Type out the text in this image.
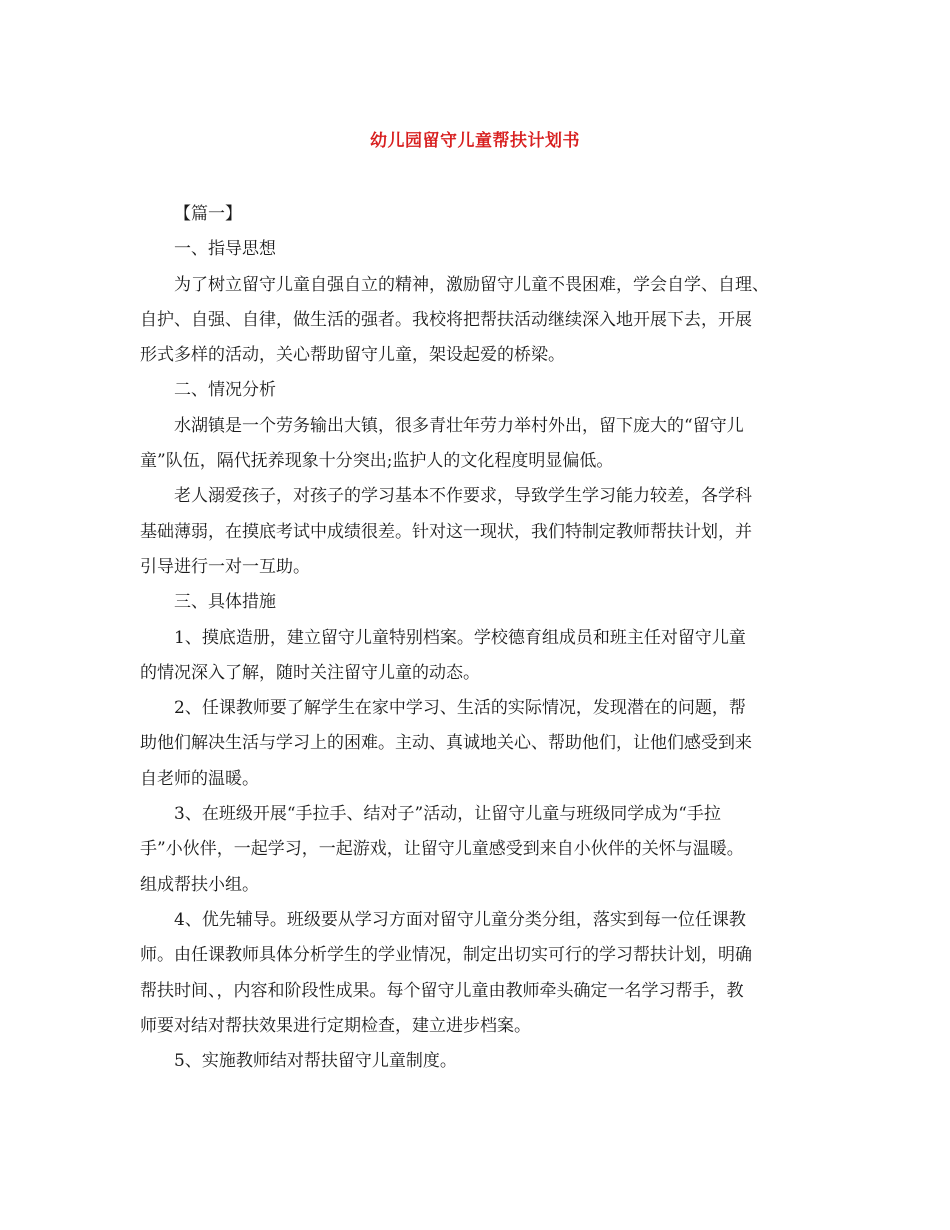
幼儿园留守儿童帮扶计划书
【篇一】
一、指导思想
为了树立留守儿童自强自立的精神，激励留守儿童不畏困难，学会自学、自理、
自护、自强、自律，做生活的强者。我校将把帮扶活动继续深入地开展下去，开展
形式多样的活动，关心帮助留守儿童，架设起爱的桥梁。
二、情况分析
水湖镇是一个劳务输出大镇，很多青壮年劳力举村外出，留下庞大的“留守儿
童”队伍，隔代抚养现象十分突出;监护人的文化程度明显偏低。
老人溺爱孩子，对孩子的学习基本不作要求，导致学生学习能力较差，各学科
基础薄弱，在摸底考试中成绩很差。针对这一现状，我们特制定教师帮扶计划，并
引导进行一对一互助。
三、具体措施
1、摸底造册，建立留守儿童特别档案。学校德育组成员和班主任对留守儿童
的情况深入了解，随时关注留守儿童的动态。
2、任课教师要了解学生在家中学习、生活的实际情况，发现潜在的问题，帮
助他们解决生活与学习上的困难。主动、真诚地关心、帮助他们，让他们感受到来
自老师的温暖。
3、在班级开展“手拉手、结对子”活动，让留守儿童与班级同学成为“手拉
手”小伙伴，一起学习，一起游戏，让留守儿童感受到来自小伙伴的关怀与温暖。
组成帮扶小组。
4、优先辅导。班级要从学习方面对留守儿童分类分组，落实到每一位任课教
师。由任课教师具体分析学生的学业情况，制定出切实可行的学习帮扶计划，明确
帮扶时间、，内容和阶段性成果。每个留守儿童由教师牵头确定一名学习帮手，教
师要对结对帮扶效果进行定期检查，建立进步档案。
5、实施教师结对帮扶留守儿童制度。
